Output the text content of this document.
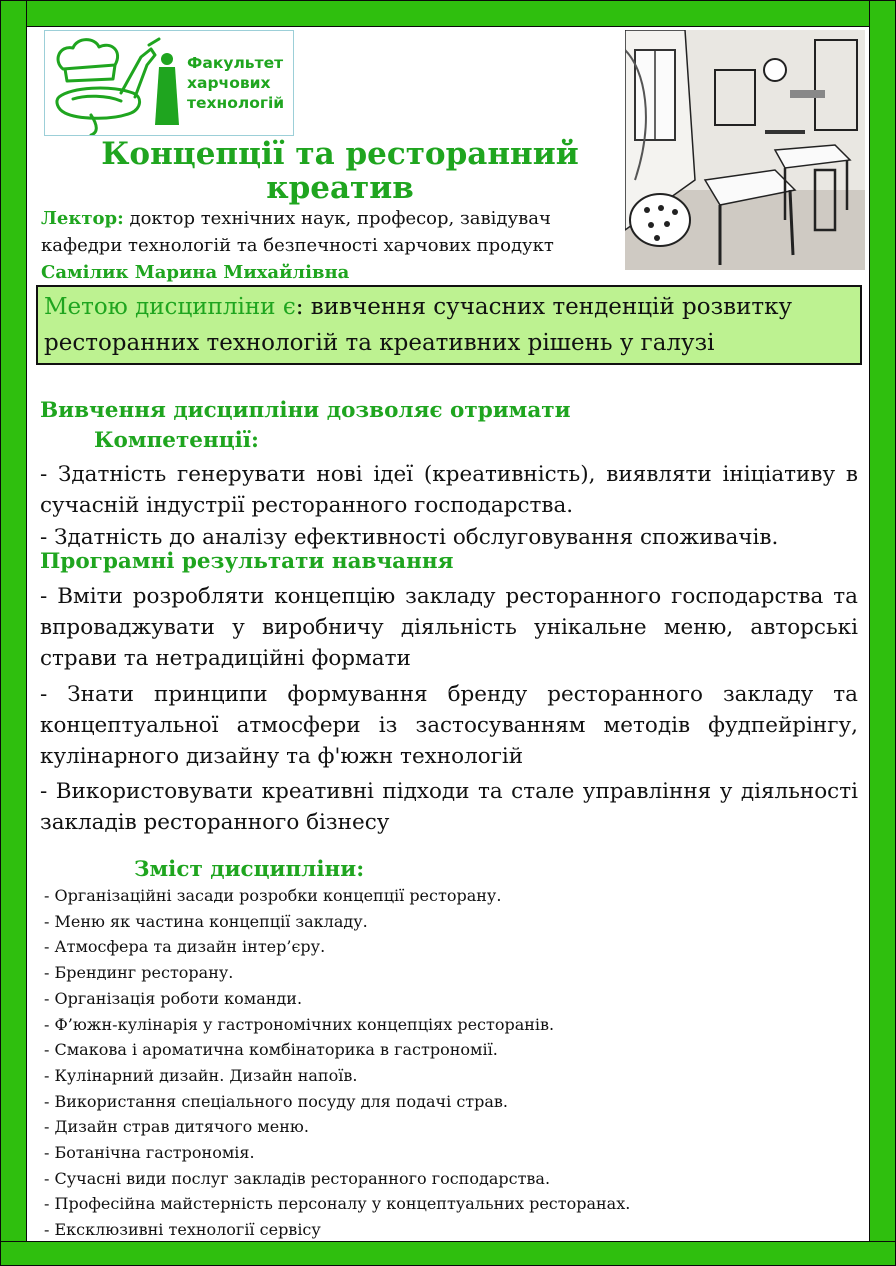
Факультет
харчових
технологій
Концепції та ресторанний креатив
Лектор: доктор технічних наук, професор, завідувач
кафедри технологій та безпечності харчових продукт
Самілик Марина Михайлівна
Метою дисципліни є: вивчення сучасних тенденцій розвитку ресторанних технологій та креативних рішень у галузі
Вивчення дисципліни дозволяє отримати
Компетенції:

- Здатність генерувати нові ідеї (креативність), виявляти ініціативу в сучасній індустрії ресторанного господарства.

- Здатність до аналізу ефективності обслуговування споживачів.

Програмні результати навчання

- Вміти розробляти концепцію закладу ресторанного господарства та впроваджувати у виробничу діяльність унікальне меню, авторські страви та нетрадиційні формати

- Знати принципи формування бренду ресторанного закладу та концептуальної атмосфери із застосуванням методів фудпейрінгу, кулінарного дизайну та ф'южн технологій

- Використовувати креативні підходи та стале управління у діяльності закладів ресторанного бізнесу

Зміст дисципліни:
- Організаційні засади розробки концепції ресторану.
- Меню як частина концепції закладу.
- Атмосфера та дизайн інтер’єру.
- Брендинг ресторану.
- Організація роботи команди.
- Ф’южн-кулінарія у гастрономічних концепціях ресторанів.
- Смакова і ароматична комбінаторика в гастрономії.
- Кулінарний дизайн. Дизайн напоїв.
- Використання спеціального посуду для подачі страв.
- Дизайн страв дитячого меню.
- Ботанічна гастрономія.
- Сучасні види послуг закладів ресторанного господарства.
- Професійна майстерність персоналу у концептуальних ресторанах.
- Ексклюзивні технології сервісу
